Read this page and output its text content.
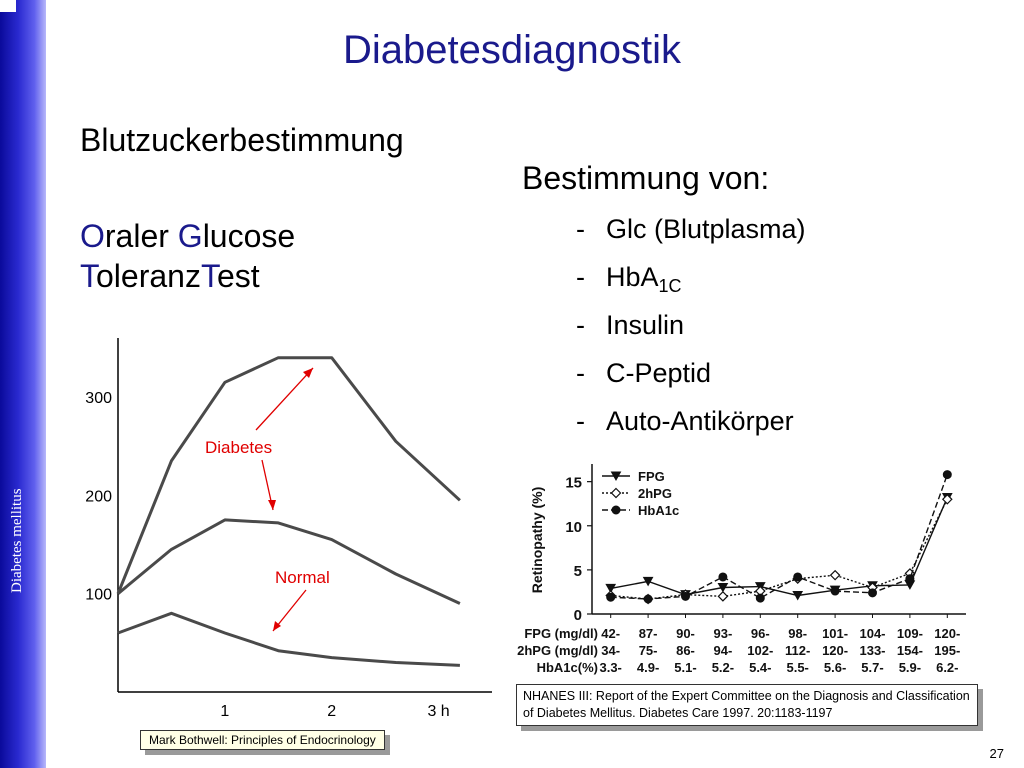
Diabetes mellitus
Diabetesdiagnostik
Blutzuckerbestimmung
Oraler Glucose
ToleranzTest
Bestimmung von:
- Glc (Blutplasma)
- HbA$_{1C}$
- Insulin
- C-Peptid
- Auto-Antikörper
100
200
300
1	2	3 h
Diabetes
Normal	Retinopathy (%)
0
5
10
15	FPG
2hPG
HbA1c
FPG (mg/dl) 42- 87- 90- 93- 96- 98- 101- 104- 109- 120-
2hPG (mg/dl) 34- 75- 86- 94- 102- 112- 120- 133- 154- 195-
HbA1c(%) 3.3- 4.9- 5.1- 5.2- 5.4- 5.5- 5.6- 5.7- 5.9- 6.2-
Mark Bothwell: Principles of Endocrinology
NHANES III: Report of the Expert Committee on the Diagnosis and Classification of Diabetes Mellitus. Diabetes Care 1997. 20:1183-1197
27
